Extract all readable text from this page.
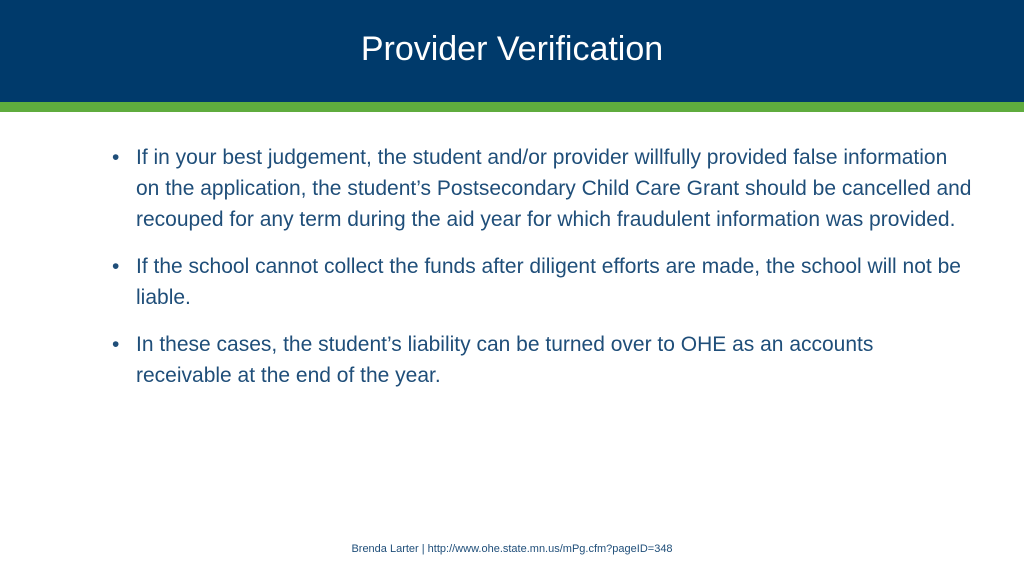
Provider Verification
• If in your best judgement, the student and/or provider willfully provided false information on the application, the student’s Postsecondary Child Care Grant should be cancelled and recouped for any term during the aid year for which fraudulent information was provided.
• If the school cannot collect the funds after diligent efforts are made, the school will not be liable.
• In these cases, the student’s liability can be turned over to OHE as an accounts receivable at the end of the year.
Brenda Larter | http://www.ohe.state.mn.us/mPg.cfm?pageID=348
